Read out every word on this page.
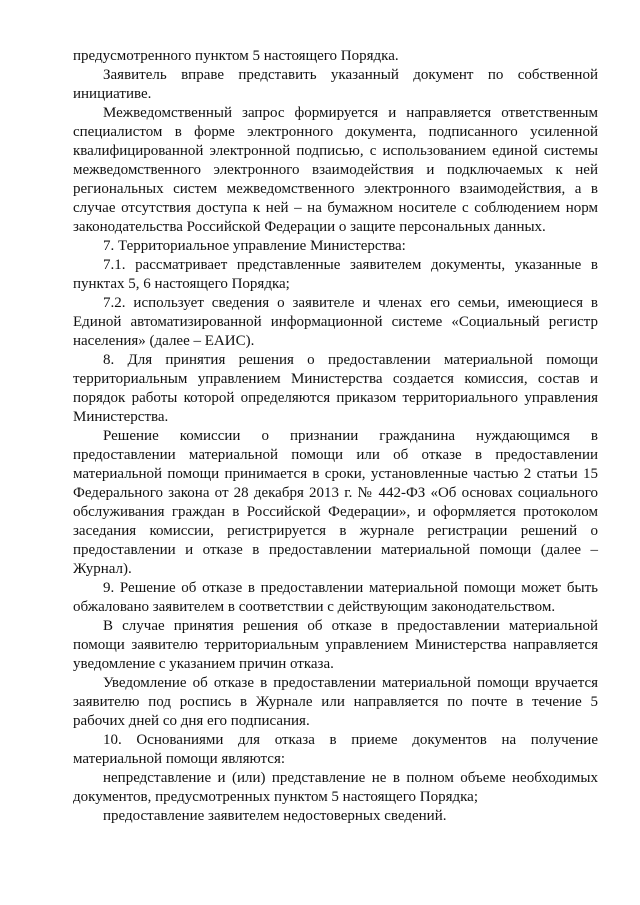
предусмотренного пунктом 5 настоящего Порядка.

Заявитель вправе представить указанный документ по собственной инициативе.

Межведомственный запрос формируется и направляется ответственным специалистом в форме электронного документа, подписанного усиленной квалифицированной электронной подписью, с использованием единой системы межведомственного электронного взаимодействия и подключаемых к ней региональных систем межведомственного электронного взаимодействия, а в случае отсутствия доступа к ней – на бумажном носителе с соблюдением норм законодательства Российской Федерации о защите персональных данных.

7. Территориальное управление Министерства:

7.1. рассматривает представленные заявителем документы, указанные в пунктах 5, 6 настоящего Порядка;

7.2. использует сведения о заявителе и членах его семьи, имеющиеся в Единой автоматизированной информационной системе «Социальный регистр населения» (далее – ЕАИС).

8. Для принятия решения о предоставлении материальной помощи территориальным управлением Министерства создается комиссия, состав и порядок работы которой определяются приказом территориального управления Министерства.

Решение комиссии о признании гражданина нуждающимся в предоставлении материальной помощи или об отказе в предоставлении материальной помощи принимается в сроки, установленные частью 2 статьи 15 Федерального закона от 28 декабря 2013 г. № 442-ФЗ «Об основах социального обслуживания граждан в Российской Федерации», и оформляется протоколом заседания комиссии, регистрируется в журнале регистрации решений о предоставлении и отказе в предоставлении материальной помощи (далее – Журнал).

9. Решение об отказе в предоставлении материальной помощи может быть обжаловано заявителем в соответствии с действующим законодательством.

В случае принятия решения об отказе в предоставлении материальной помощи заявителю территориальным управлением Министерства направляется уведомление с указанием причин отказа.

Уведомление об отказе в предоставлении материальной помощи вручается заявителю под роспись в Журнале или направляется по почте в течение 5 рабочих дней со дня его подписания.

10. Основаниями для отказа в приеме документов на получение материальной помощи являются:

непредставление и (или) представление не в полном объеме необходимых документов, предусмотренных пунктом 5 настоящего Порядка;

предоставление заявителем недостоверных сведений.
